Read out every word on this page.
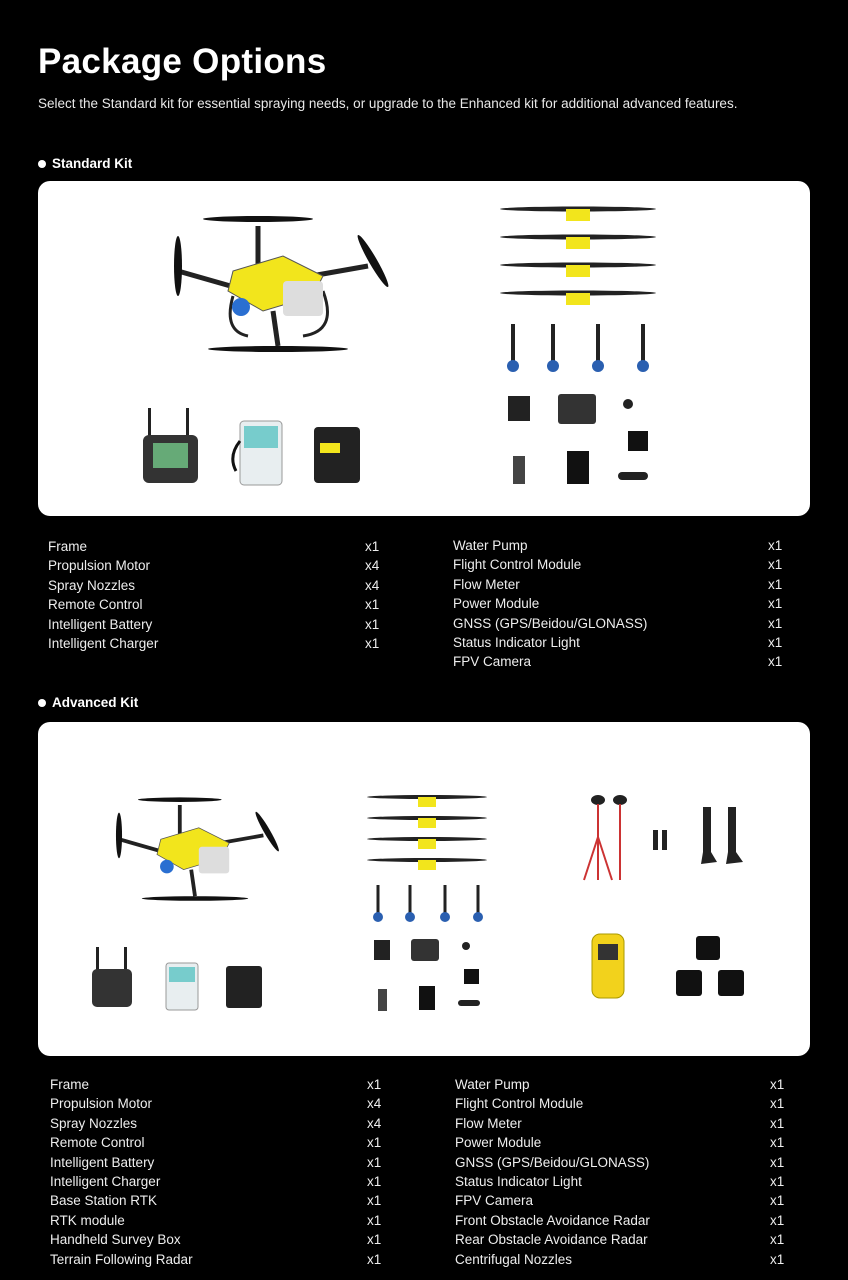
Package Options
Select the Standard kit for essential spraying needs, or upgrade to the Enhanced kit for additional advanced features.
Standard Kit
Frame	x1
Propulsion Motor	x4
Spray Nozzles	x4
Remote Control	x1
Intelligent Battery	x1
Intelligent Charger	x1
Water Pump	x1
Flight Control Module	x1
Flow Meter	x1
Power Module	x1
GNSS (GPS/Beidou/GLONASS)	x1
Status Indicator Light	x1
FPV Camera	x1
Advanced Kit
Frame	x1
Propulsion Motor	x4
Spray Nozzles	x4
Remote Control	x1
Intelligent Battery	x1
Intelligent Charger	x1
Base Station RTK	x1
RTK module	x1
Handheld Survey Box	x1
Terrain Following Radar	x1
Water Pump	x1
Flight Control Module	x1
Flow Meter	x1
Power Module	x1
GNSS (GPS/Beidou/GLONASS)	x1
Status Indicator Light	x1
FPV Camera	x1
Front Obstacle Avoidance Radar	x1
Rear Obstacle Avoidance Radar	x1
Centrifugal Nozzles	x1
